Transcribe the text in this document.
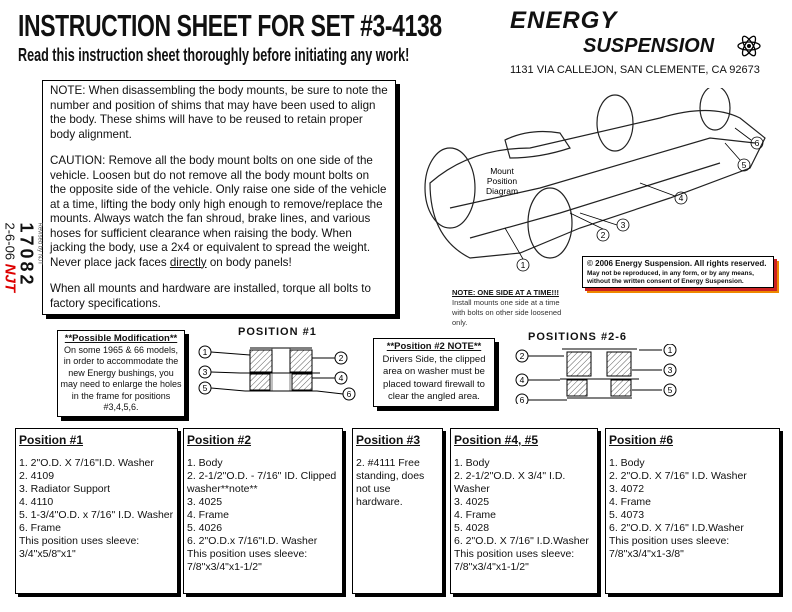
INSTRUCTION SHEET FOR SET #3-4138
Read this instruction sheet thoroughly before initiating any work!
ENERGY
SUSPENSION
1131 VIA CALLEJON, SAN CLEMENTE, CA 92673

NOTE: When disassembling the body mounts, be sure to note the number and position of shims that may have been used to align the body. These shims will have to be reused to retain proper body alignment.

CAUTION: Remove all the body mount bolts on one side of the vehicle. Loosen but do not remove all the body mount bolts on the opposite side of the vehicle. Only raise one side of the vehicle at a time, lifting the body only high enough to remove/replace the mounts. Always watch the fan shroud, brake lines, and various hoses for sufficient clearance when raising the body. When jacking the body, use a 2x4 or equivalent to spread the weight. Never place jack faces directly on body panels!

When all mounts and hardware are installed, torque all bolts to factory specifications.

Revised by NJT
17082
2-6-06 NJT
Mount Position Diagram
1
2
3
4
5
6
© 2006 Energy Suspension. All rights reserved.
May not be reproduced, in any form, or by any means, without the written consent of Energy Suspension.
NOTE: ONE SIDE AT A TIME!!!
Install mounts one side at a time with bolts on other side loosened only.
**Possible Modification**
On some 1965 & 66 models, in order to accommodate the new Energy bushings, you may need to enlarge the holes in the frame for positions #3,4,5,6.
POSITION #1
1
3
5
2
4
6
**Position #2 NOTE**
Drivers Side, the clipped area on washer must be placed toward firewall to clear the angled area.
POSITIONS #2-6
2
4
6
1
3
5
Position #1
1. 2"O.D. X 7/16"I.D. Washer
2. 4109
3. Radiator Support
4. 4110
5. 1-3/4"O.D. x 7/16" I.D. Washer
6. Frame
This position uses sleeve:
3/4"x5/8"x1"
Position #2
1. Body
2. 2-1/2"O.D. - 7/16" ID. Clipped washer**note**
3. 4025
4. Frame
5. 4026
6. 2"O.D.x 7/16"I.D. Washer
This position uses sleeve:
7/8"x3/4"x1-1/2"
Position #3
2. #4111 Free standing, does not use hardware.
Position #4, #5
1. Body
2. 2-1/2"O.D. X 3/4" I.D. Washer
3. 4025
4. Frame
5. 4028
6. 2"O.D. X 7/16" I.D.Washer
This position uses sleeve:
7/8"x3/4"x1-1/2"
Position #6
1. Body
2. 2"O.D. X 7/16" I.D. Washer
3. 4072
4. Frame
5. 4073
6. 2"O.D. X 7/16" I.D.Washer
This position uses sleeve:
7/8"x3/4"x1-3/8"
